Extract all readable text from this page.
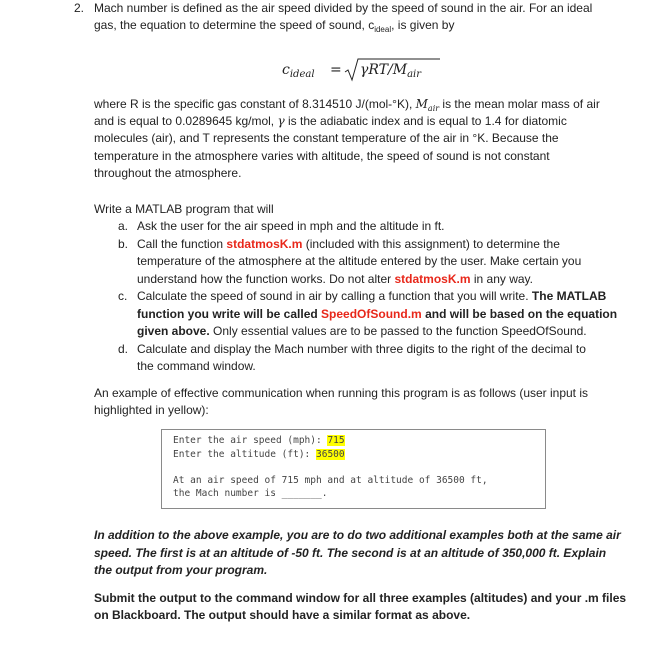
2. Mach number is defined as the air speed divided by the speed of sound in the air. For an ideal
gas, the equation to determine the speed of sound, $c_{ideal}$, is given by
$c_{ideal} = \gamma RT/M_{air}$
where R is the specific gas constant of 8.314510 J/(mol-°K), $M_{air}$ is the mean molar mass of air
and is equal to 0.0289645 kg/mol, γ is the adiabatic index and is equal to 1.4 for diatomic
molecules (air), and T represents the constant temperature of the air in °K. Because the
temperature in the atmosphere varies with altitude, the speed of sound is not constant
throughout the atmosphere.
Write a MATLAB program that will
a. Ask the user for the air speed in mph and the altitude in ft.
b. Call the function stdatmosK.m (included with this assignment) to determine the
temperature of the atmosphere at the altitude entered by the user. Make certain you
understand how the function works. Do not alter stdatmosK.m in any way.
c. Calculate the speed of sound in air by calling a function that you will write. The MATLAB
function you write will be called SpeedOfSound.m and will be based on the equation
given above. Only essential values are to be passed to the function SpeedOfSound.
d. Calculate and display the Mach number with three digits to the right of the decimal to
the command window.
An example of effective communication when running this program is as follows (user input is
highlighted in yellow):
Enter the air speed (mph): 715
Enter the altitude (ft): 36500
At an air speed of 715 mph and at altitude of 36500 ft,
the Mach number is _______.
In addition to the above example, you are to do two additional examples both at the same air
speed. The first is at an altitude of -50 ft. The second is at an altitude of 350,000 ft. Explain
the output from your program.
Submit the output to the command window for all three examples (altitudes) and your .m files
on Blackboard. The output should have a similar format as above.
